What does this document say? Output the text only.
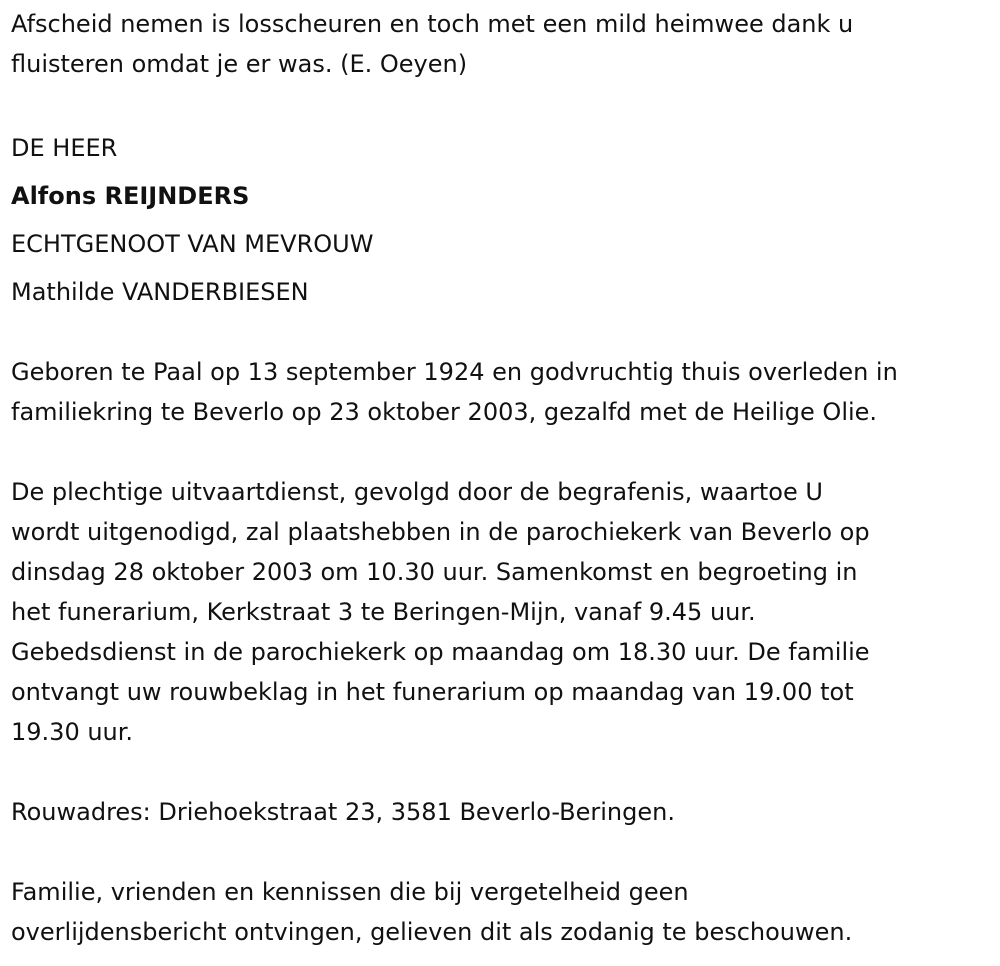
Afscheid nemen is losscheuren en toch met een mild heimwee dank u
fluisteren omdat je er was. (E. Oeyen)
DE HEER
Alfons REIJNDERS
ECHTGENOOT VAN MEVROUW
Mathilde VANDERBIESEN
Geboren te Paal op 13 september 1924 en godvruchtig thuis overleden in
familiekring te Beverlo op 23 oktober 2003, gezalfd met de Heilige Olie.
De plechtige uitvaartdienst, gevolgd door de begrafenis, waartoe U
wordt uitgenodigd, zal plaatshebben in de parochiekerk van Beverlo op
dinsdag 28 oktober 2003 om 10.30 uur. Samenkomst en begroeting in
het funerarium, Kerkstraat 3 te Beringen-Mijn, vanaf 9.45 uur.
Gebedsdienst in de parochiekerk op maandag om 18.30 uur. De familie
ontvangt uw rouwbeklag in het funerarium op maandag van 19.00 tot
19.30 uur.
Rouwadres: Driehoekstraat 23, 3581 Beverlo-Beringen.
Familie, vrienden en kennissen die bij vergetelheid geen
overlijdensbericht ontvingen, gelieven dit als zodanig te beschouwen.
